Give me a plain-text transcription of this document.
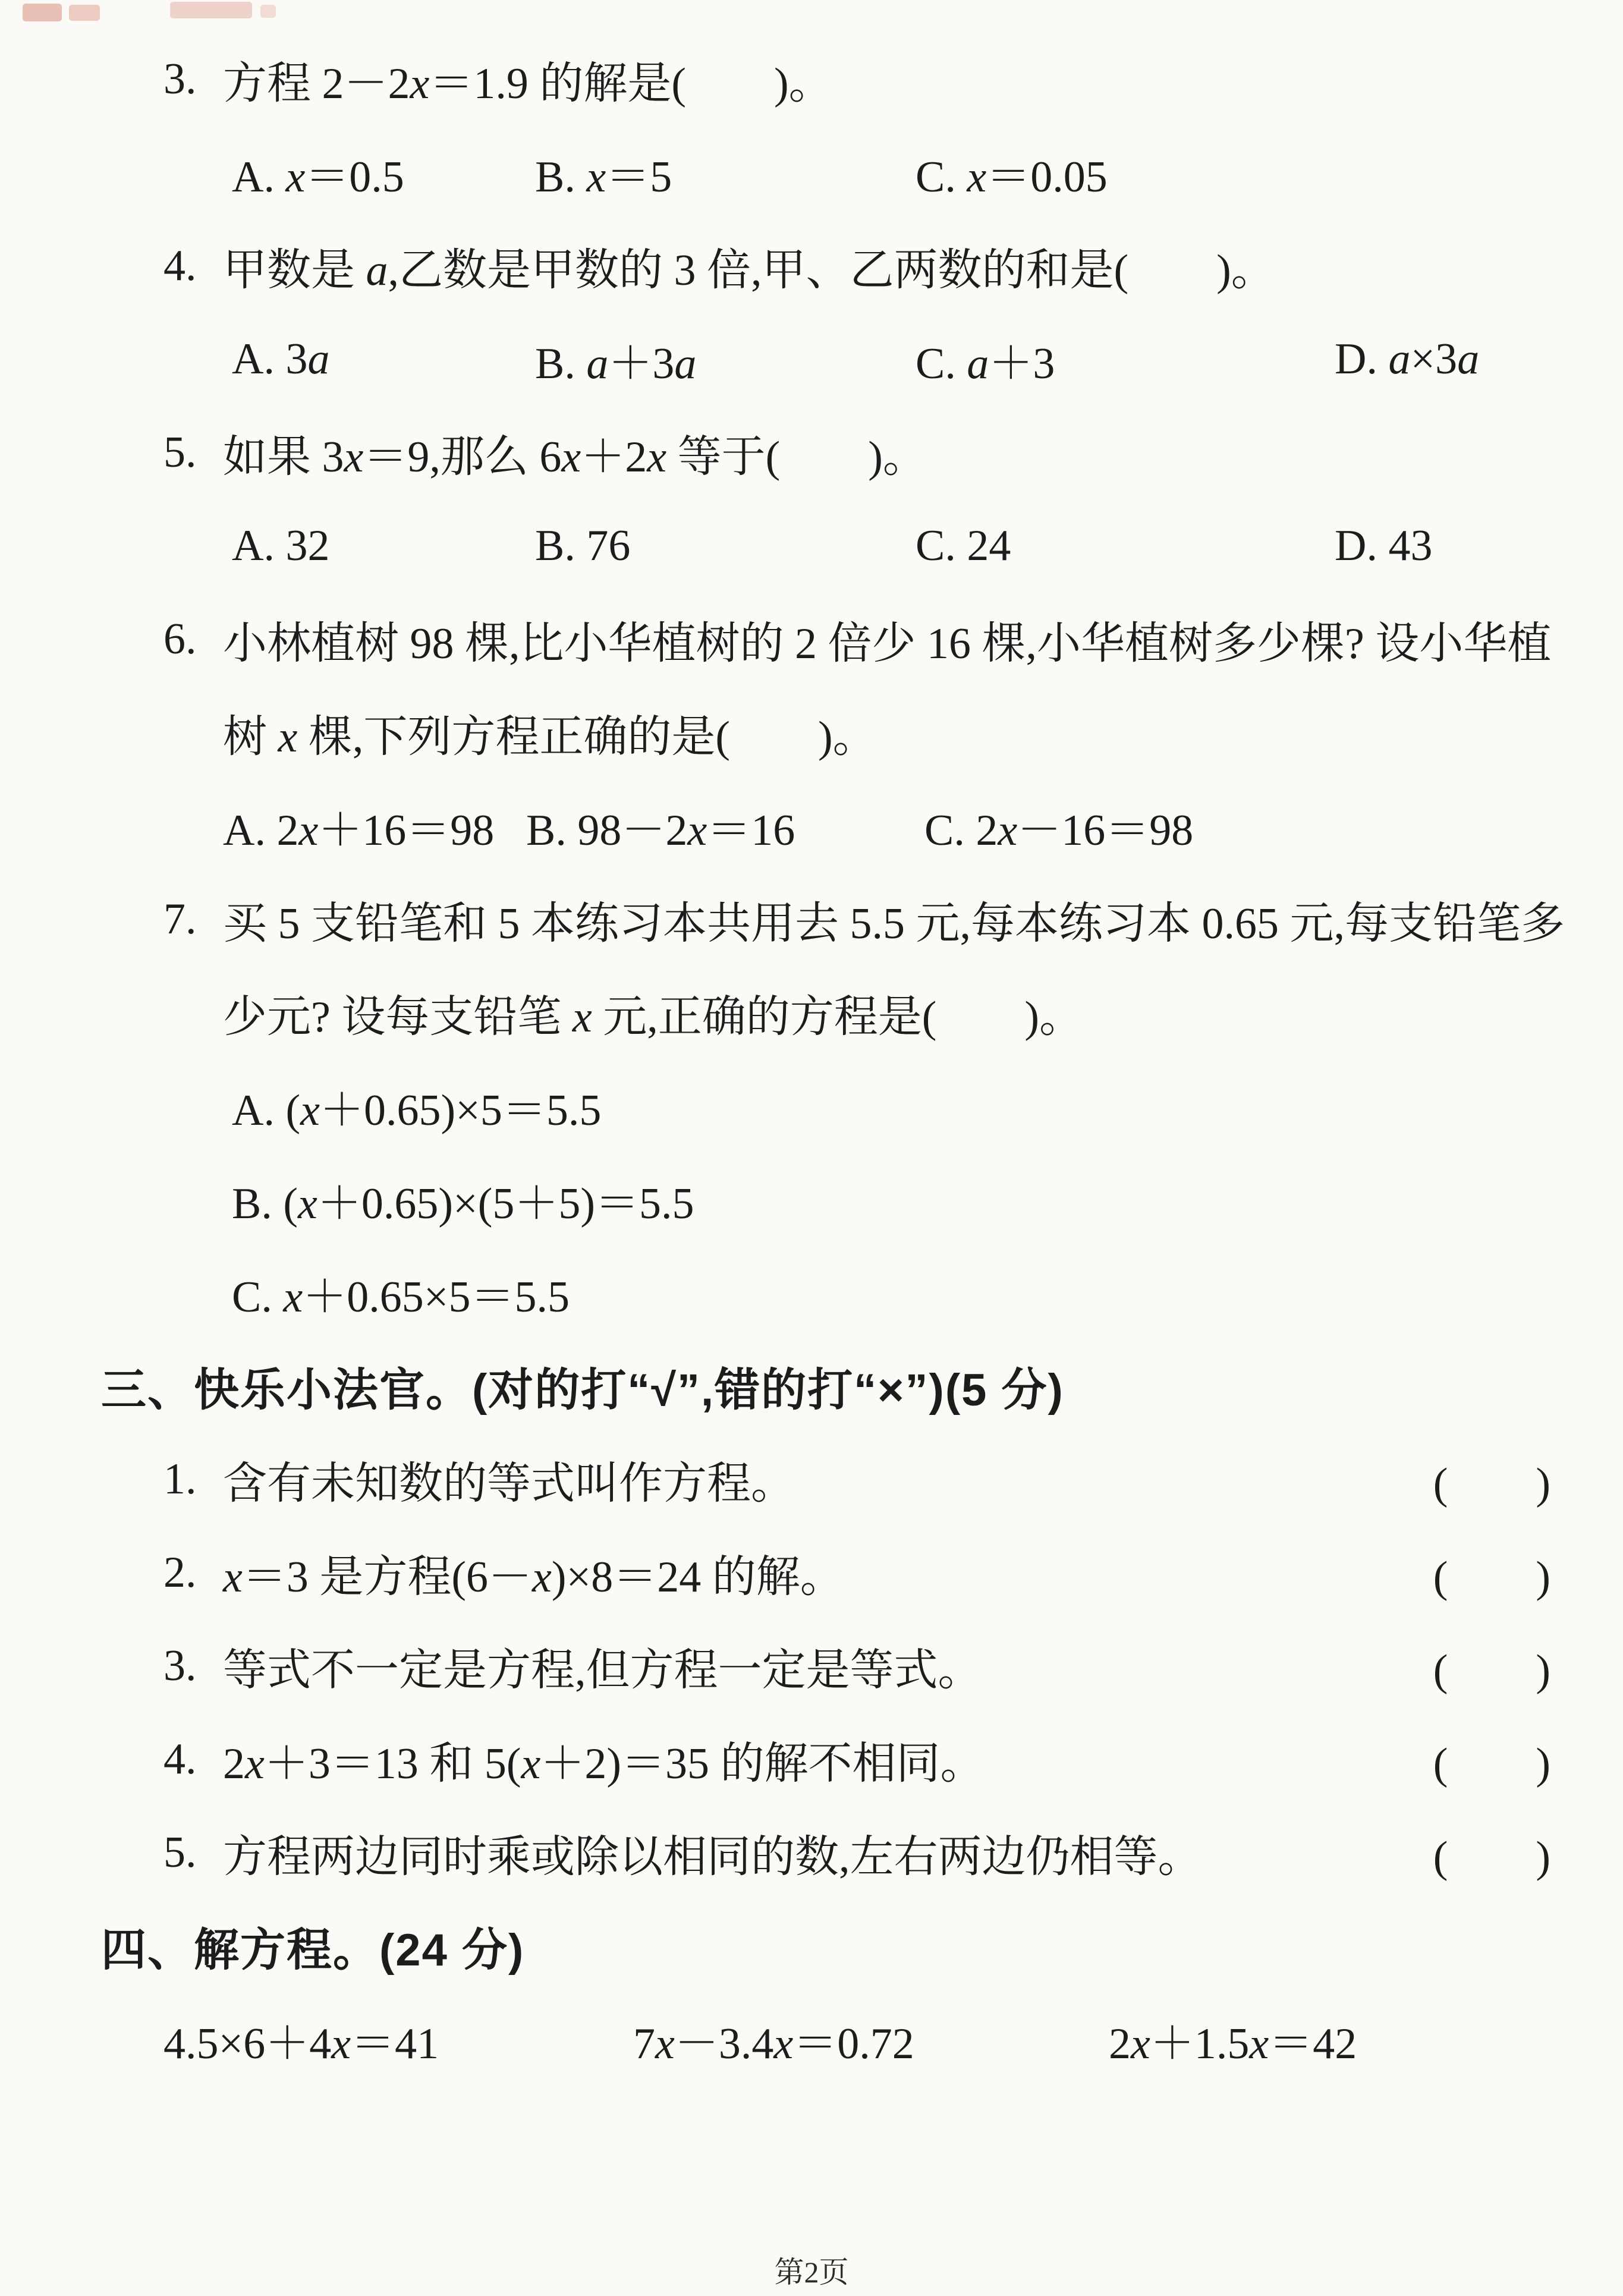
3. 方程 2－2x＝1.9 的解是(　　)。
A. x＝0.5	B. x＝5	C. x＝0.05
4. 甲数是 a,乙数是甲数的 3 倍,甲、乙两数的和是(　　)。
A. 3a	B. a＋3a	C. a＋3	D. a×3a
5. 如果 3x＝9,那么 6x＋2x 等于(　　)。
A. 32	B. 76	C. 24	D. 43
6. 小林植树 98 棵,比小华植树的 2 倍少 16 棵,小华植树多少棵? 设小华植
树 x 棵,下列方程正确的是(　　)。
A. 2x＋16＝98 B. 98－2x＝16	C. 2x－16＝98
7. 买 5 支铅笔和 5 本练习本共用去 5.5 元,每本练习本 0.65 元,每支铅笔多
少元? 设每支铅笔 x 元,正确的方程是(　　)。
A. (x＋0.65)×5＝5.5
B. (x＋0.65)×(5＋5)＝5.5
C. x＋0.65×5＝5.5
三、快乐小法官。 (对的打“√”,错的打“×”)(5 分)
1. 含有未知数的等式叫作方程。	(　　)
2. x＝3 是方程(6－x)×8＝24 的解。	(　　)
3. 等式不一定是方程,但方程一定是等式。	(　　)
4. 2x＋3＝13 和 5(x＋2)＝35 的解不相同。	(　　)
5. 方程两边同时乘或除以相同的数,左右两边仍相等。	(　　)
四、解方程。(24 分)
4.5×6＋4x＝41	7x－3.4x＝0.72	2x＋1.5x＝42
第2页
